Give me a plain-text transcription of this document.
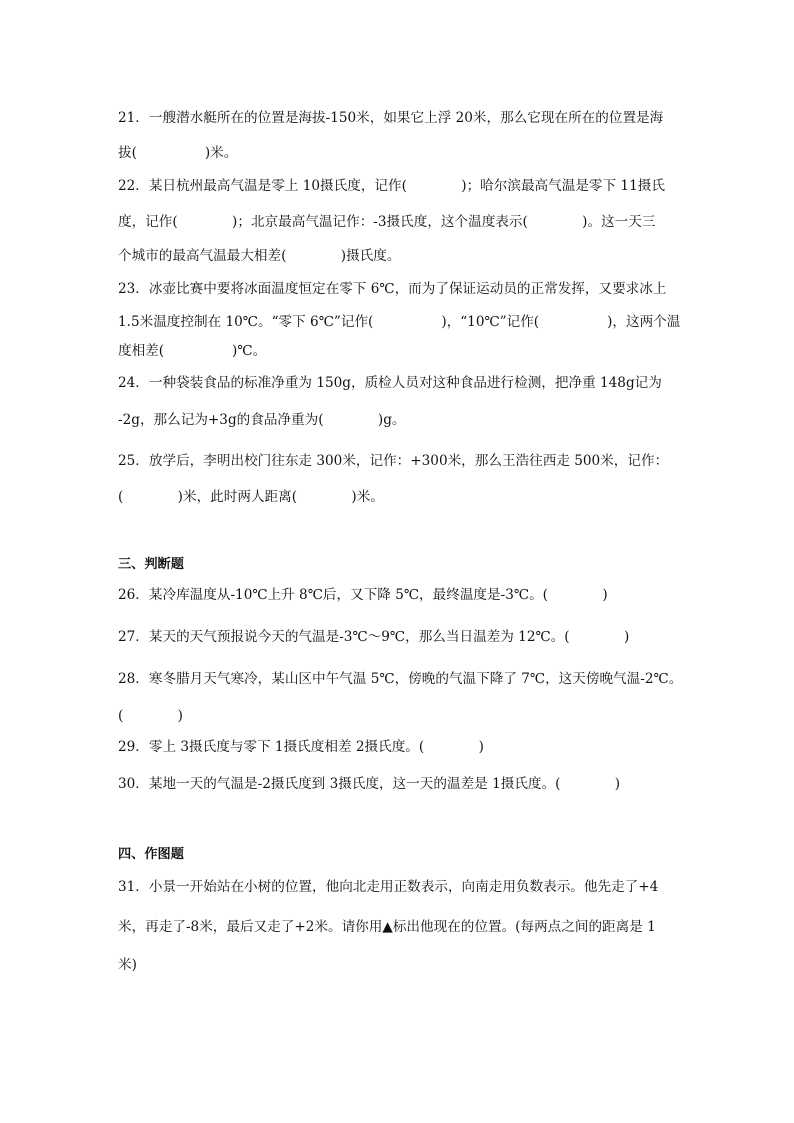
21．一艘潜水艇所在的位置是海拔-150米，如果它上浮 20米，那么它现在所在的位置是海
拔(　　　　　)米。
22．某日杭州最高气温是零上 10摄氏度，记作(　　　　)；哈尔滨最高气温是零下 11摄氏
度，记作(　　　　)；北京最高气温记作：-3摄氏度，这个温度表示(　　　　)。这一天三
个城市的最高气温最大相差(　　　　)摄氏度。
23．冰壶比赛中要将冰面温度恒定在零下 6℃，而为了保证运动员的正常发挥，又要求冰上
1.5米温度控制在 10℃。“零下 6℃”记作(　　　　　)，“10℃”记作(　　　　　)，这两个温
度相差(　　　　　)℃。
24．一种袋装食品的标准净重为 150g，质检人员对这种食品进行检测，把净重 148g记为
-2g，那么记为+3g的食品净重为(　　　　)g。
25．放学后，李明出校门往东走 300米，记作：+300米，那么王浩往西走 500米，记作：
(　　　　)米，此时两人距离(　　　　)米。
三、判断题
26．某冷库温度从-10℃上升 8℃后，又下降 5℃，最终温度是-3℃。(　　　　)
27．某天的天气预报说今天的气温是-3℃～9℃，那么当日温差为 12℃。(　　　　)
28．寒冬腊月天气寒冷，某山区中午气温 5℃，傍晚的气温下降了 7℃，这天傍晚气温-2℃。
(　　　　)
29．零上 3摄氏度与零下 1摄氏度相差 2摄氏度。(　　　　)
30．某地一天的气温是-2摄氏度到 3摄氏度，这一天的温差是 1摄氏度。(　　　　)
四、作图题
31．小景一开始站在小树的位置，他向北走用正数表示，向南走用负数表示。他先走了+4
米，再走了-8米，最后又走了+2米。请你用▲标出他现在的位置。(每两点之间的距离是 1
米)
